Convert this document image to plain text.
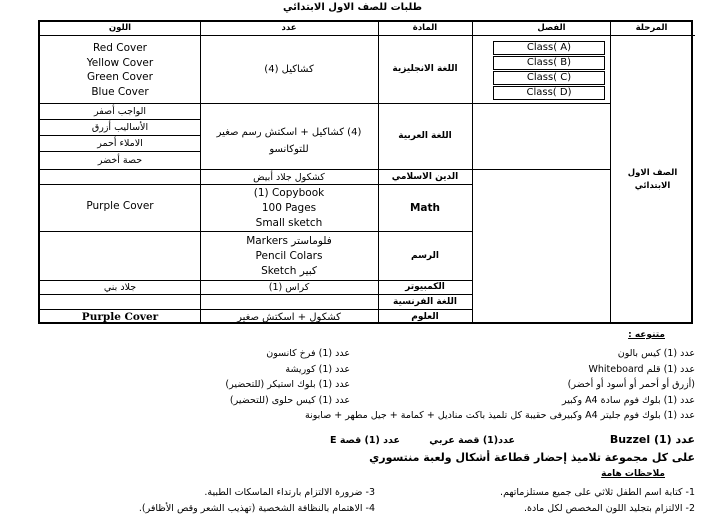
طلبات للصف الاول الابتدائي
المرحلة
الفصل
المادة
عدد
اللون
الصف الاول الابتدائي
Class( A)
Class( B)
Class( C)
Class( D)
اللغة الانجليزية
كشاكيل (4)
Red Cover
Yellow Cover
Green Cover
Blue Cover
اللغة العربية
(4) كشاكيل + اسكتش رسم صغير
للتوكانسو
الواجب أصفر
الأساليب أزرق
الاملاء أحمر
حصة أخضر
الدين الاسلامي
كشكول جلاد أبيض
Math
(1) Copybook
100 Pages
Small sketch
Purple Cover
الرسم
Markers فلوماستر
Pencil Colars
Sketch كبير
الكمبيوتر
كراس (1)
جلاد بني
اللغة الفرنسية
العلوم
كشكول + اسكتش صغير
Purple Cover
متنوعه :
عدد (1) كيس بالون
عدد (1) قلم Whiteboard
(أزرق أو أحمر أو أسود أو أخضر)
عدد (1) بلوك فوم سادة A4 وكبير
عدد (1) فرخ كانسون
عدد (1) كوريشة
عدد (1) بلوك استيكر (للتحضير)
عدد (1) كيس حلوى (للتحضير)
عدد (1) بلوك فوم جليتر A4 وكبيرفى حقيبة كل تلميذ باكت مناديل + كمامة + جيل مطهر + صابونة
عدد (1) Buzzel
عدد(1) قصة عربي
عدد (1) قصة E
على كل مجموعة تلاميذ إحضار قطاعة أشكال ولعبة منتسوري
ملاحظات هامة
1- كتابة اسم الطفل ثلاثي على جميع مستلزماتهم.
2- الالتزام بتجليد اللون المخصص لكل مادة.
3- ضرورة الالتزام بارتداء الماسكات الطبية.
4- الاهتمام بالنظافة الشخصية (تهذيب الشعر وقص الأظافر).
